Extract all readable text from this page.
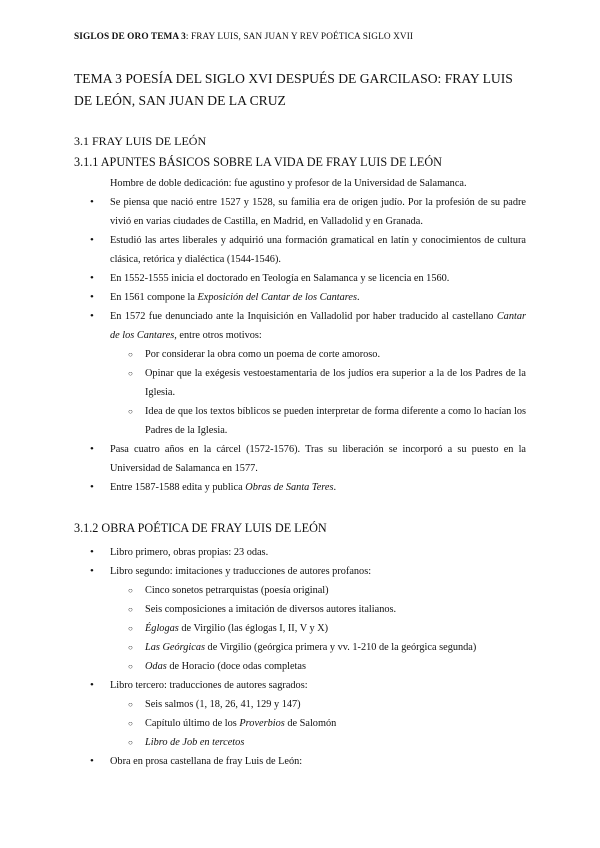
SIGLOS DE ORO TEMA 3: FRAY LUIS, SAN JUAN Y REV POÉTICA SIGLO XVII
TEMA 3 POESÍA DEL SIGLO XVI DESPUÉS DE GARCILASO: FRAY LUIS DE LEÓN, SAN JUAN DE LA CRUZ
3.1 FRAY LUIS DE LEÓN
3.1.1 APUNTES BÁSICOS SOBRE LA VIDA DE FRAY LUIS DE LEÓN

Hombre de doble dedicación: fue agustino y profesor de la Universidad de Salamanca.

• Se piensa que nació entre 1527 y 1528, su familia era de origen judío. Por la profesión de su padre vivió en varias ciudades de Castilla, en Madrid, en Valladolid y en Granada.
• Estudió las artes liberales y adquirió una formación gramatical en latín y conocimientos de cultura clásica, retórica y dialéctica (1544-1546).
• En 1552-1555 inicia el doctorado en Teología en Salamanca y se licencia en 1560.
• En 1561 compone la Exposición del Cantar de los Cantares.
• En 1572 fue denunciado ante la Inquisición en Valladolid por haber traducido al castellano Cantar de los Cantares, entre otros motivos:
○ Por considerar la obra como un poema de corte amoroso.
○ Opinar que la exégesis vestoestamentaria de los judíos era superior a la de los Padres de la Iglesia.
○ Idea de que los textos bíblicos se pueden interpretar de forma diferente a como lo hacían los Padres de la Iglesia.
• Pasa cuatro años en la cárcel (1572-1576). Tras su liberación se incorporó a su puesto en la Universidad de Salamanca en 1577.
• Entre 1587-1588 edita y publica Obras de Santa Teres.
3.1.2 OBRA POÉTICA DE FRAY LUIS DE LEÓN
• Libro primero, obras propias: 23 odas.
• Libro segundo: imitaciones y traducciones de autores profanos:
○ Cinco sonetos petrarquistas (poesía original)
○ Seis composiciones a imitación de diversos autores italianos.
○ Églogas de Virgilio (las églogas I, II, V y X)
○ Las Geórgicas de Virgilio (geórgica primera y vv. 1-210 de la geórgica segunda)
○ Odas de Horacio (doce odas completas
• Libro tercero: traducciones de autores sagrados:
○ Seis salmos (1, 18, 26, 41, 129 y 147)
○ Capítulo último de los Proverbios de Salomón
○ Libro de Job en tercetos
• Obra en prosa castellana de fray Luis de León:
